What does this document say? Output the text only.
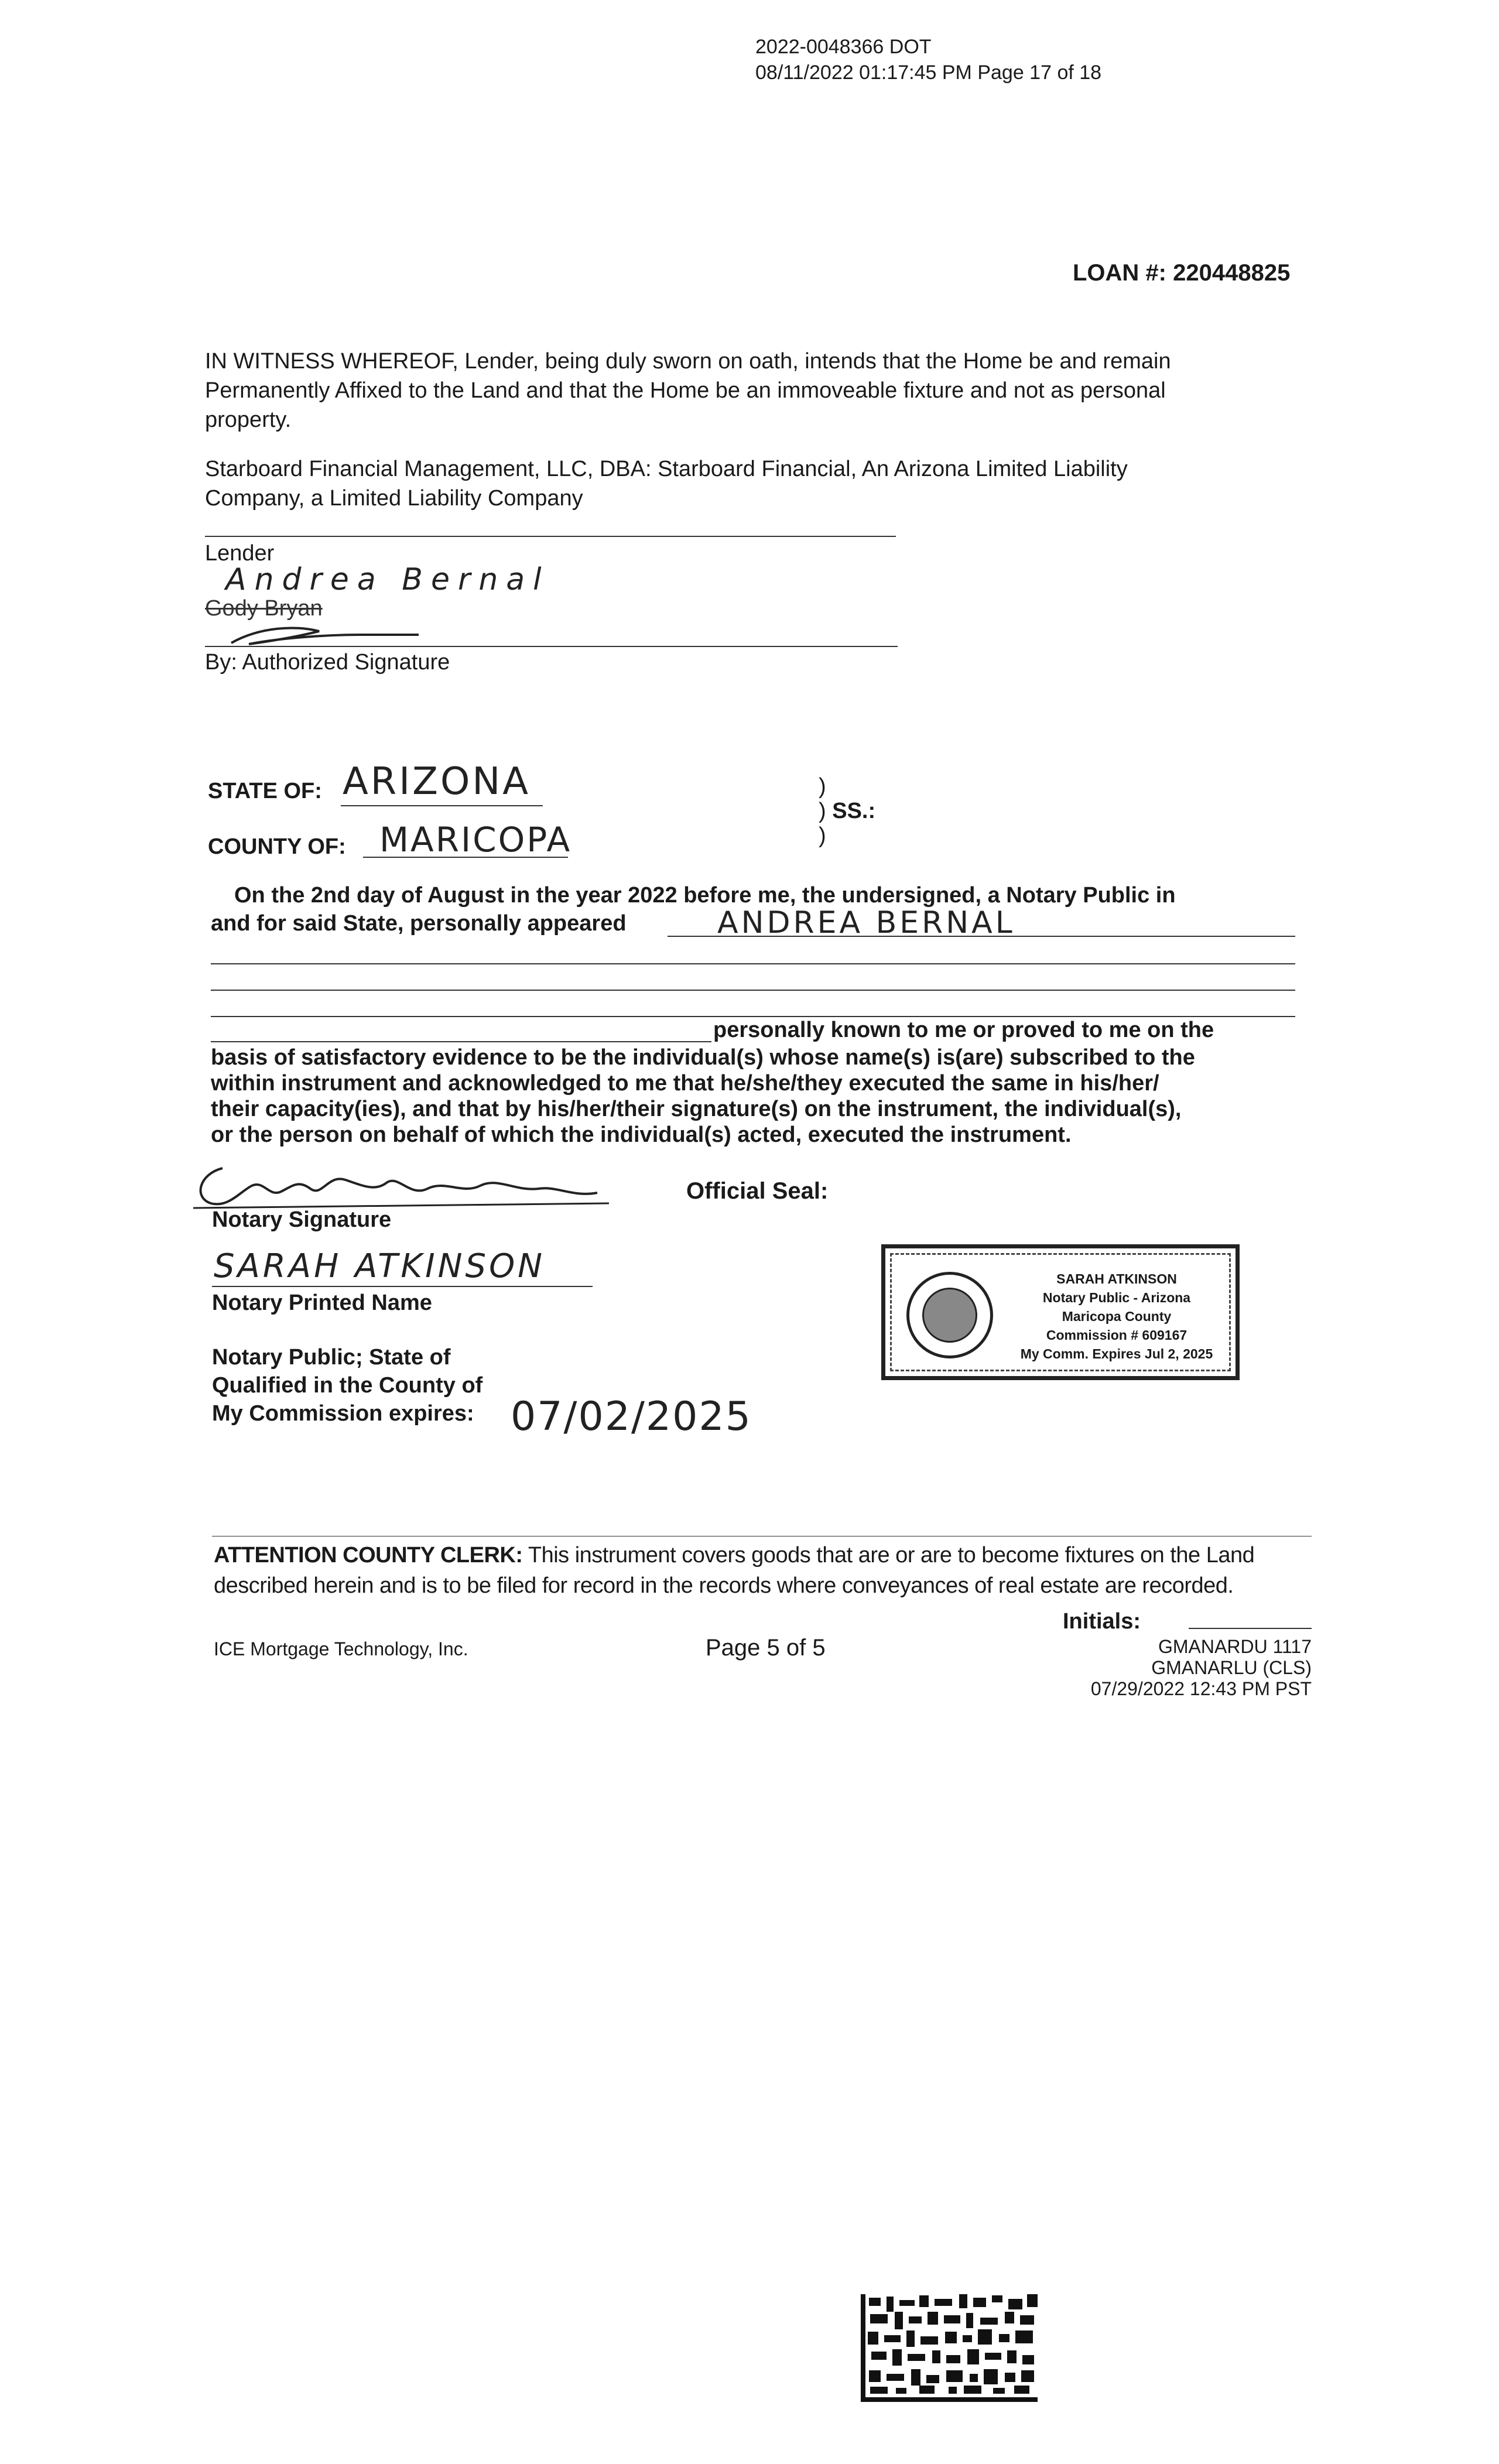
2022-0048366 DOT
08/11/2022 01:17:45 PM Page 17 of 18
LOAN #: 220448825
IN WITNESS WHEREOF, Lender, being duly sworn on oath, intends that the Home be and remain
Permanently Affixed to the Land and that the Home be an immoveable fixture and not as personal
property.
Starboard Financial Management, LLC, DBA: Starboard Financial, An Arizona Limited Liability
Company, a Limited Liability Company
Lender
Andrea Bernal
Gody Bryan
By: Authorized Signature
STATE OF: ARIZONA
COUNTY OF: MARICOPA
)
) SS.:
)
On the 2nd day of August in the year 2022 before me, the undersigned, a Notary Public in
and for said State, personally appeared	ANDREA BERNAL
personally known to me or proved to me on the
basis of satisfactory evidence to be the individual(s) whose name(s) is(are) subscribed to the
within instrument and acknowledged to me that he/she/they executed the same in his/her/
their capacity(ies), and that by his/her/their signature(s) on the instrument, the individual(s),
or the person on behalf of which the individual(s) acted, executed the instrument.
Notary Signature
Official Seal:
SARAH ATKINSON
Notary Printed Name
Notary Public; State of
Qualified in the County of
My Commission expires: 07/02/2025
SARAH ATKINSON
Notary Public - Arizona
Maricopa County
Commission # 609167
My Comm. Expires Jul 2, 2025
ATTENTION COUNTY CLERK: This instrument covers goods that are or are to become fixtures on the Land
described herein and is to be filed for record in the records where conveyances of real estate are recorded.
ICE Mortgage Technology, Inc.	Page 5 of 5
Initials:
GMANARDU 1117
GMANARLU (CLS)
07/29/2022 12:43 PM PST
